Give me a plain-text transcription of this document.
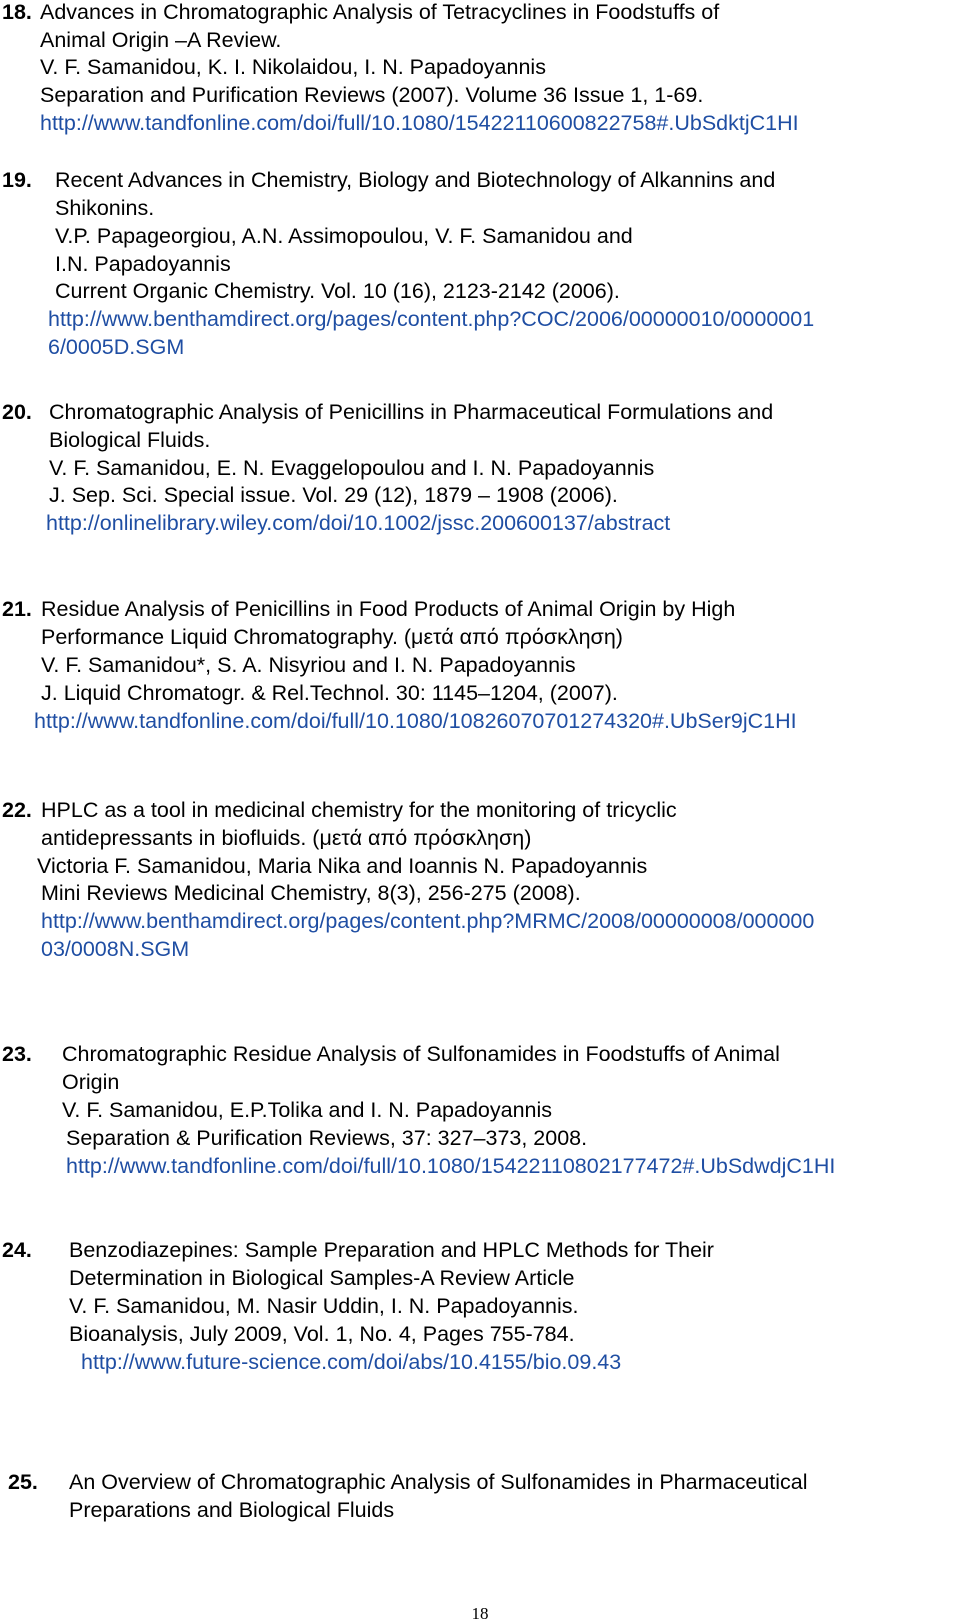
18. Advances in Chromatographic Analysis of Tetracyclines in Foodstuffs of
Animal Origin –A Review.
V. F. Samanidou, K. I. Nikolaidou, I. N. Papadoyannis
Separation and Purification Reviews (2007). Volume 36 Issue 1, 1-69.
http://www.tandfonline.com/doi/full/10.1080/15422110600822758#.UbSdktjC1HI
19. Recent Advances in Chemistry, Biology and Biotechnology of Alkannins and
Shikonins.
V.P. Papageorgiou, A.N. Assimopoulou, V. F. Samanidou and
I.N. Papadoyannis
Current Organic Chemistry. Vol. 10 (16), 2123-2142 (2006).
http://www.benthamdirect.org/pages/content.php?COC/2006/00000010/0000001
6/0005D.SGM
20. Chromatographic Analysis of Penicillins in Pharmaceutical Formulations and
Biological Fluids.
V. F. Samanidou, E. N. Evaggelopoulou and I. N. Papadoyannis
J. Sep. Sci. Special issue. Vol. 29 (12), 1879 – 1908 (2006).
http://onlinelibrary.wiley.com/doi/10.1002/jssc.200600137/abstract
21. Residue Analysis of Penicillins in Food Products of Animal Origin by High
Performance Liquid Chromatography. (μετά από πρόσκληση)
V. F. Samanidou*, S. A. Nisyriou and I. N. Papadoyannis
J. Liquid Chromatogr. & Rel.Technol. 30: 1145–1204, (2007).
http://www.tandfonline.com/doi/full/10.1080/10826070701274320#.UbSer9jC1HI
22. HPLC as a tool in medicinal chemistry for the monitoring of tricyclic
antidepressants in biofluids. (μετά από πρόσκληση)
Victoria F. Samanidou, Maria Nika and Ioannis N. Papadoyannis
Mini Reviews Medicinal Chemistry, 8(3), 256-275 (2008).
http://www.benthamdirect.org/pages/content.php?MRMC/2008/00000008/000000
03/0008N.SGM
23. Chromatographic Residue Analysis of Sulfonamides in Foodstuffs of Animal
Origin
V. F. Samanidou, E.P.Tolika and I. N. Papadoyannis
Separation & Purification Reviews, 37: 327–373, 2008.
http://www.tandfonline.com/doi/full/10.1080/15422110802177472#.UbSdwdjC1HI
24. Benzodiazepines: Sample Preparation and HPLC Methods for Their
Determination in Biological Samples-A Review Article
V. F. Samanidou, M. Nasir Uddin, I. N. Papadoyannis.
Bioanalysis, July 2009, Vol. 1, No. 4, Pages 755-784.
http://www.future-science.com/doi/abs/10.4155/bio.09.43
25. An Overview of Chromatographic Analysis of Sulfonamides in Pharmaceutical
Preparations and Biological Fluids
18
